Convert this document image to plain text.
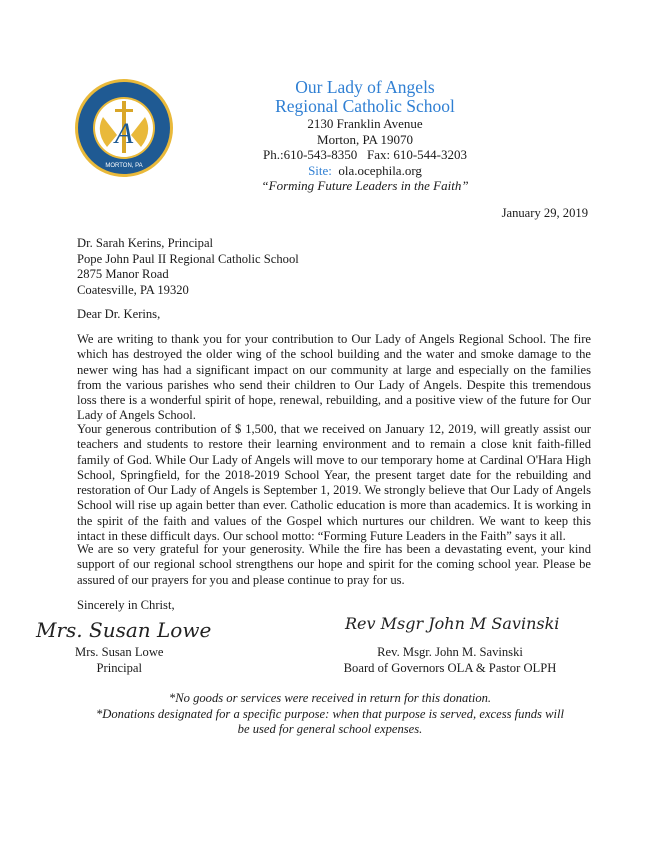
A
MORTON, PA
Our Lady of Angels
Regional Catholic School
2130 Franklin Avenue
Morton, PA 19070
Ph.:610-543-8350 Fax: 610-544-3203
Site: ola.ocephila.org
“Forming Future Leaders in the Faith”
January 29, 2019
Dr. Sarah Kerins, Principal
Pope John Paul II Regional Catholic School
2875 Manor Road
Coatesville, PA 19320
Dear Dr. Kerins,
We are writing to thank you for your contribution to Our Lady of Angels Regional School. The fire which has destroyed the older wing of the school building and the water and smoke damage to the newer wing has had a significant impact on our community at large and especially on the families from the various parishes who send their children to Our Lady of Angels. Despite this tremendous loss there is a wonderful spirit of hope, renewal, rebuilding, and a positive view of the future for Our Lady of Angels School.
Your generous contribution of $ 1,500, that we received on January 12, 2019, will greatly assist our teachers and students to restore their learning environment and to remain a close knit faith-filled family of God. While Our Lady of Angels will move to our temporary home at Cardinal O'Hara High School, Springfield, for the 2018-2019 School Year, the present target date for the rebuilding and restoration of Our Lady of Angels is September 1, 2019. We strongly believe that Our Lady of Angels School will rise up again better than ever. Catholic education is more than academics. It is working in the spirit of the faith and values of the Gospel which nurtures our children. We want to keep this intact in these difficult days. Our school motto: “Forming Future Leaders in the Faith” says it all.
We are so very grateful for your generosity. While the fire has been a devastating event, your kind support of our regional school strengthens our hope and spirit for the coming school year. Please be assured of our prayers for you and please continue to pray for us.
Sincerely in Christ,
Mrs. Susan Lowe
Mrs. Susan Lowe
Principal
Rev Msgr John M Savinski
Rev. Msgr. John M. Savinski
Board of Governors OLA & Pastor OLPH
*No goods or services were received in return for this donation.
*Donations designated for a specific purpose: when that purpose is served, excess funds will be used for general school expenses.
